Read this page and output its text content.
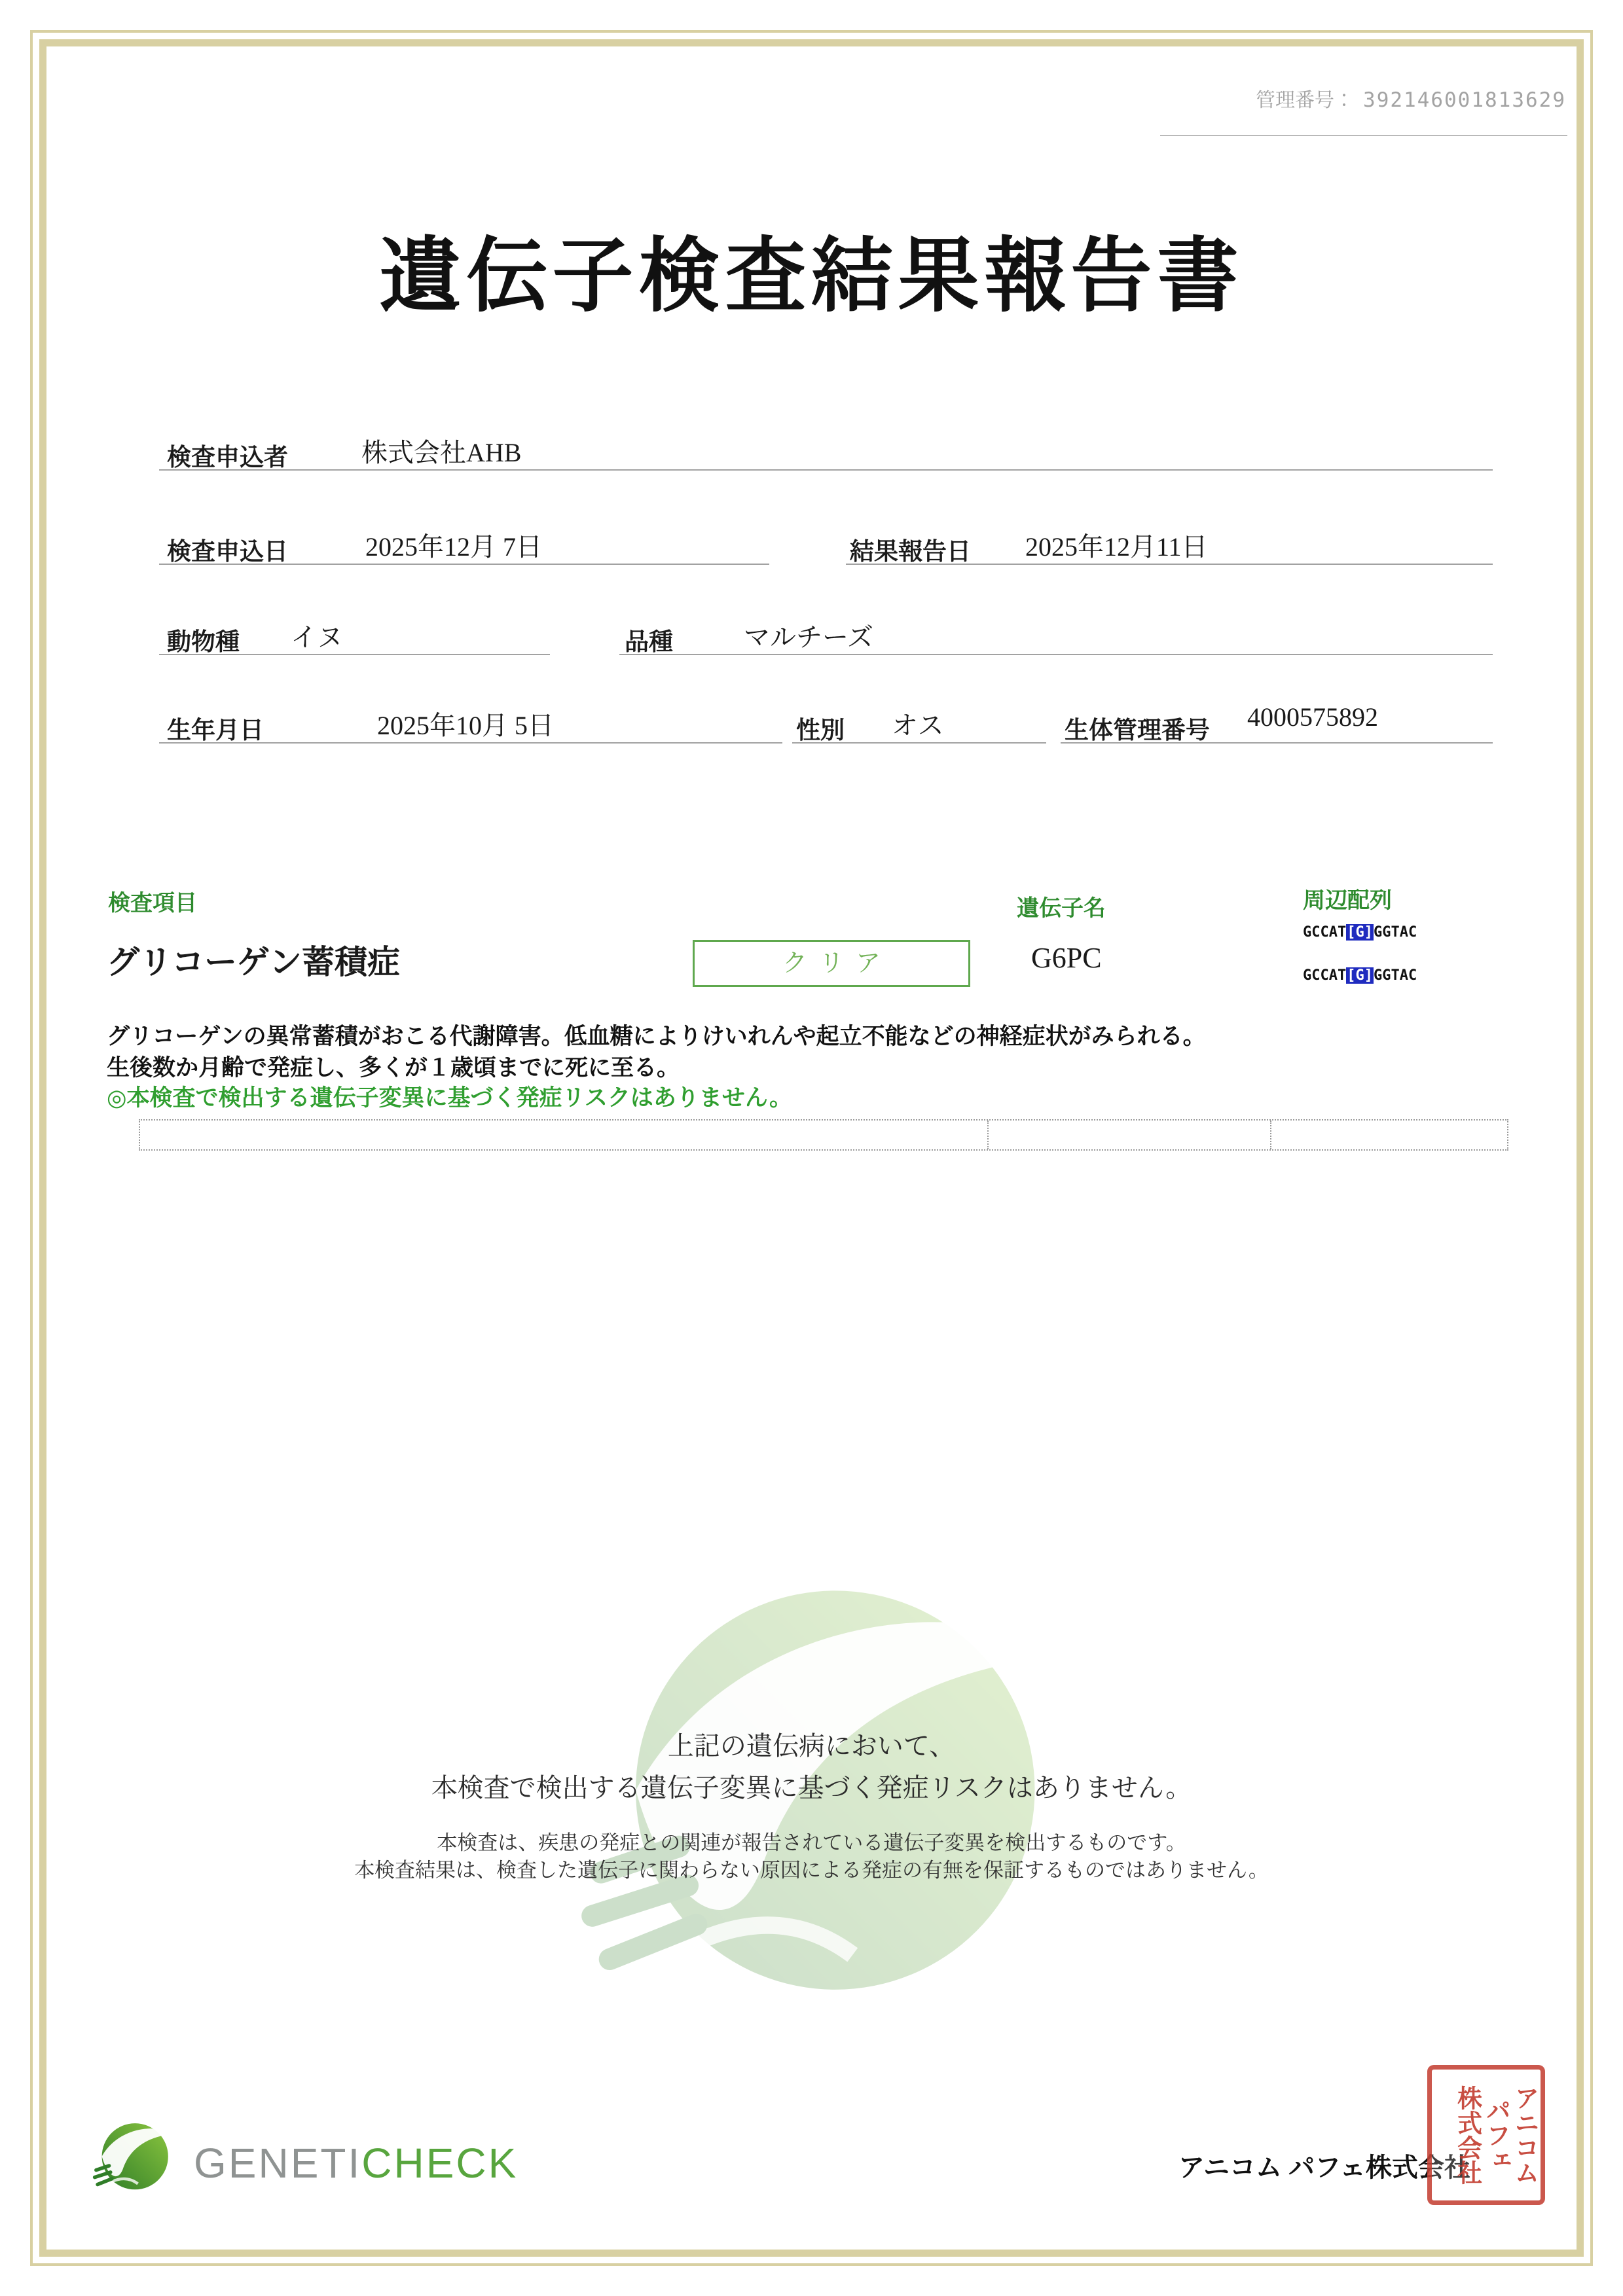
管理番号： 392146001813629
遺伝子検査結果報告書
検査申込者	株式会社AHB
検査申込日	2025年12月 7日	結果報告日 2025年12月11日
動物種 イヌ	品種	マルチーズ
生年月日	2025年10月 5日	性別 オス	生体管理番号 4000575892
検査項目	遺伝子名	周辺配列
グリコーゲン蓄積症	クリア	G6PC
GCCAT[G]GGTAC
GCCAT[G]GGTAC
グリコーゲンの異常蓄積がおこる代謝障害。低血糖によりけいれんや起立不能などの神経症状がみられる。
生後数か月齢で発症し、多くが１歳頃までに死に至る。
◎本検査で検出する遺伝子変異に基づく発症リスクはありません。
上記の遺伝病において、
本検査で検出する遺伝子変異に基づく発症リスクはありません。
本検査は、疾患の発症との関連が報告されている遺伝子変異を検出するものです。
本検査結果は、検査した遺伝子に関わらない原因による発症の有無を保証するものではありません。
GENETICHECK	アニコム パフェ株式会社 アニコム
パフェ
株式会社
